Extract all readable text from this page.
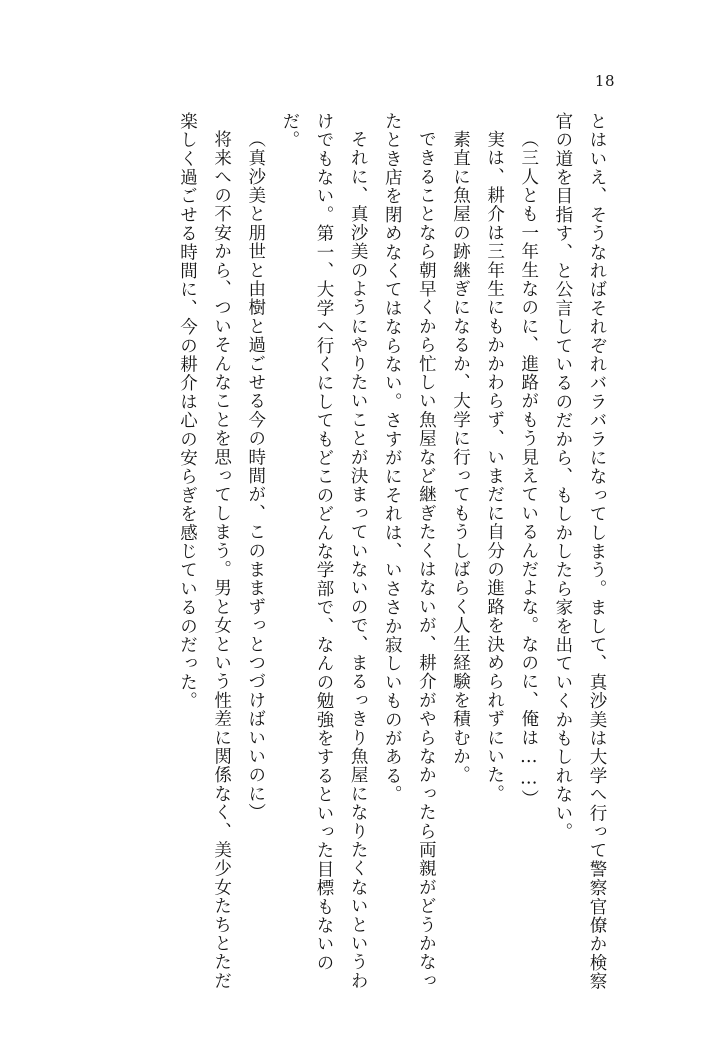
18

とはいえ、そうなればそれぞれバラバラになってしまう。まして、真沙美は大学へ行って警察官僚か検察官の道を目指す、と公言しているのだから、もしかしたら家を出ていくかもしれない。

（三人とも一年生なのに、進路がもう見えているんだよな。なのに、俺は……）

実は、耕介は三年生にもかかわらず、いまだに自分の進路を決められずにいた。

素直に魚屋の跡継ぎになるか、大学に行ってもうしばらく人生経験を積むか。

できることなら朝早くから忙しい魚屋など継ぎたくはないが、耕介がやらなかったら両親がどうかなったとき店を閉めなくてはならない。さすがにそれは、いささか寂しいものがある。

それに、真沙美のようにやりたいことが決まっていないので、まるっきり魚屋になりたくないというわけでもない。第一、大学へ行くにしてもどこのどんな学部で、なんの勉強をするといった目標もないのだ。

（真沙美と朋世と由樹と過ごせる今の時間が、このままずっとつづけばいいのに）

将来への不安から、ついそんなことを思ってしまう。男と女という性差に関係なく、美少女たちとただ楽しく過ごせる時間に、今の耕介は心の安らぎを感じているのだった。
